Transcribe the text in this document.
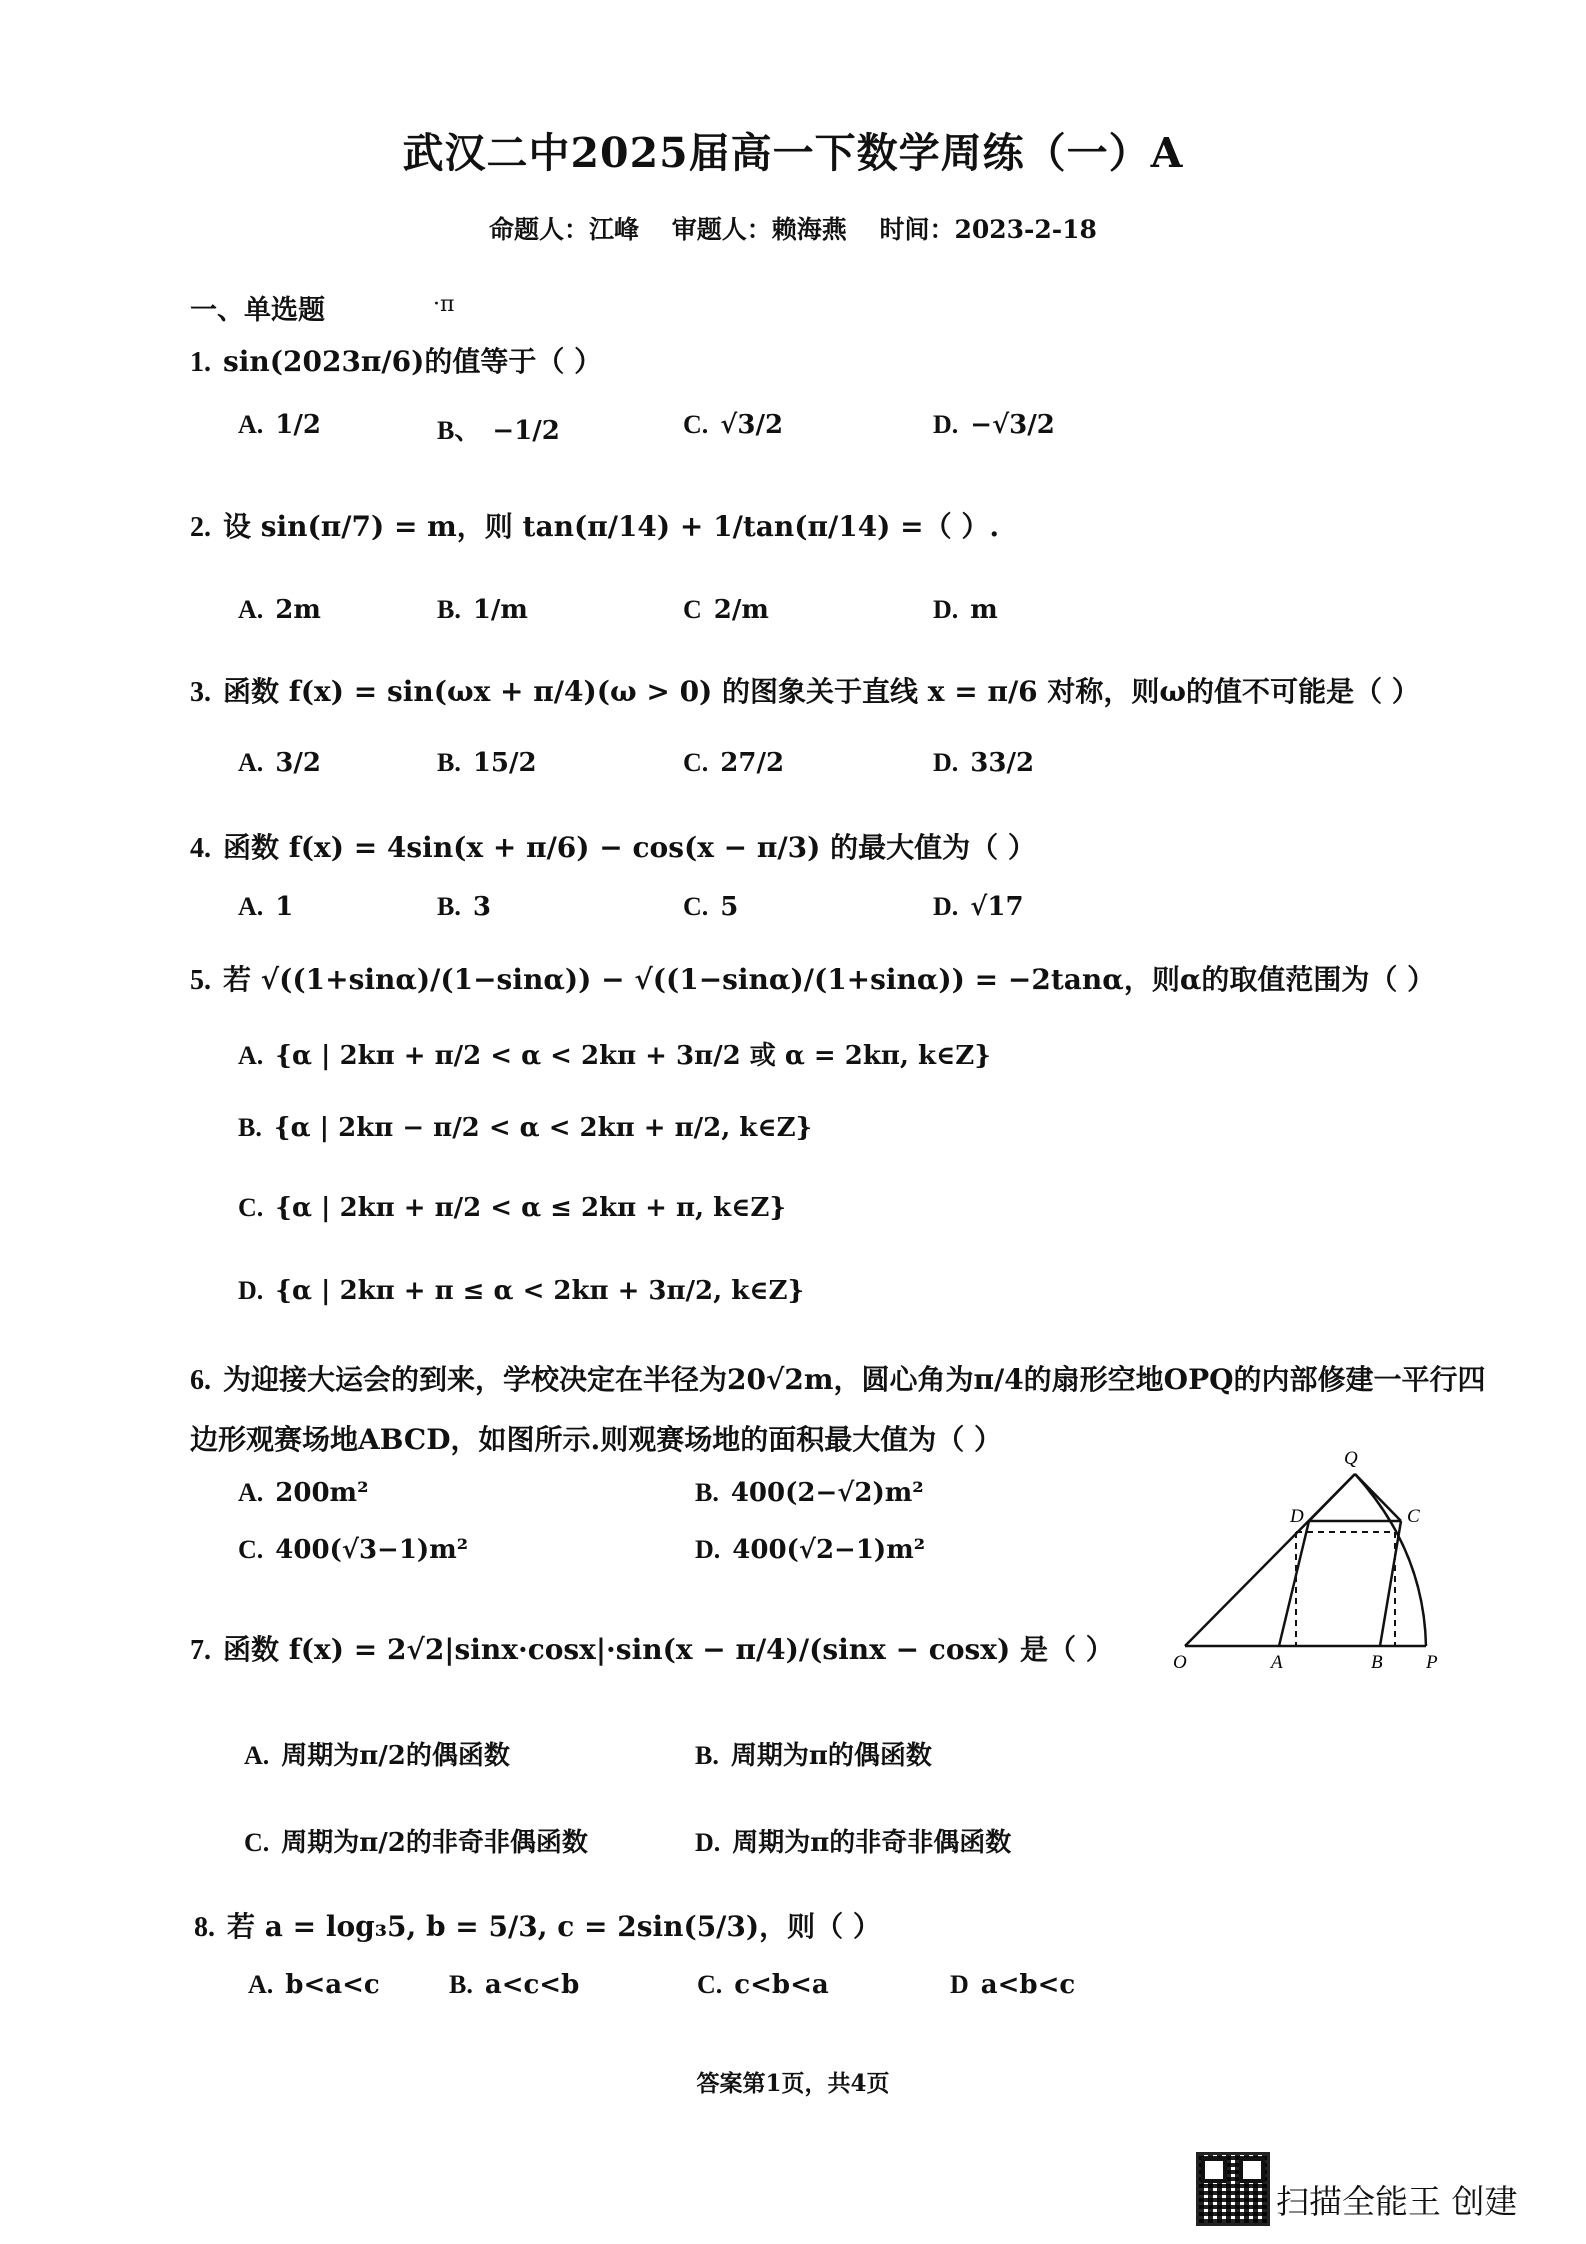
武汉二中2025届高一下数学周练（一）A
命题人：江峰 审题人：赖海燕 时间：2023-2-18
一、单选题	·π
1. sin(2023π/6)的值等于（ ）
A. 1/2	B、 −1/2	C. √3/2	D. −√3/2
2. 设 sin(π/7) = m，则 tan(π/14) + 1/tan(π/14) =（ ）.
A. 2m	B. 1/m	C 2/m	D. m
3. 函数 f(x) = sin(ωx + π/4)(ω > 0) 的图象关于直线 x = π/6 对称，则ω的值不可能是（ ）
A. 3/2	B. 15/2	C. 27/2	D. 33/2
4. 函数 f(x) = 4sin(x + π/6) − cos(x − π/3) 的最大值为（ ）
A. 1	B. 3	C. 5	D. √17
5. 若 √((1+sinα)/(1−sinα)) − √((1−sinα)/(1+sinα)) = −2tanα，则α的取值范围为（ ）
A. {α | 2kπ + π/2 < α < 2kπ + 3π/2 或 α = 2kπ, k∈Z}
B. {α | 2kπ − π/2 < α < 2kπ + π/2, k∈Z}
C. {α | 2kπ + π/2 < α ≤ 2kπ + π, k∈Z}
D. {α | 2kπ + π ≤ α < 2kπ + 3π/2, k∈Z}
6. 为迎接大运会的到来，学校决定在半径为20√2m，圆心角为π/4的扇形空地OPQ的内部修建一平行四
边形观赛场地ABCD，如图所示.则观赛场地的面积最大值为（ ）
A. 200m²	B. 400(2−√2)m²
C. 400(√3−1)m²	D. 400(√2−1)m²
Q
D	C
O	A	B P
7. 函数 f(x) = 2√2|sinx·cosx|·sin(x − π/4)/(sinx − cosx) 是（ ）
A. 周期为π/2的偶函数	B. 周期为π的偶函数
C. 周期为π/2的非奇非偶函数	D. 周期为π的非奇非偶函数
8. 若 a = log₃5, b = 5/3, c = 2sin(5/3)，则（ ）
A. b<a<c	B. a<c<b	C. c<b<a	D a<b<c
答案第1页，共4页
扫描全能王 创建
